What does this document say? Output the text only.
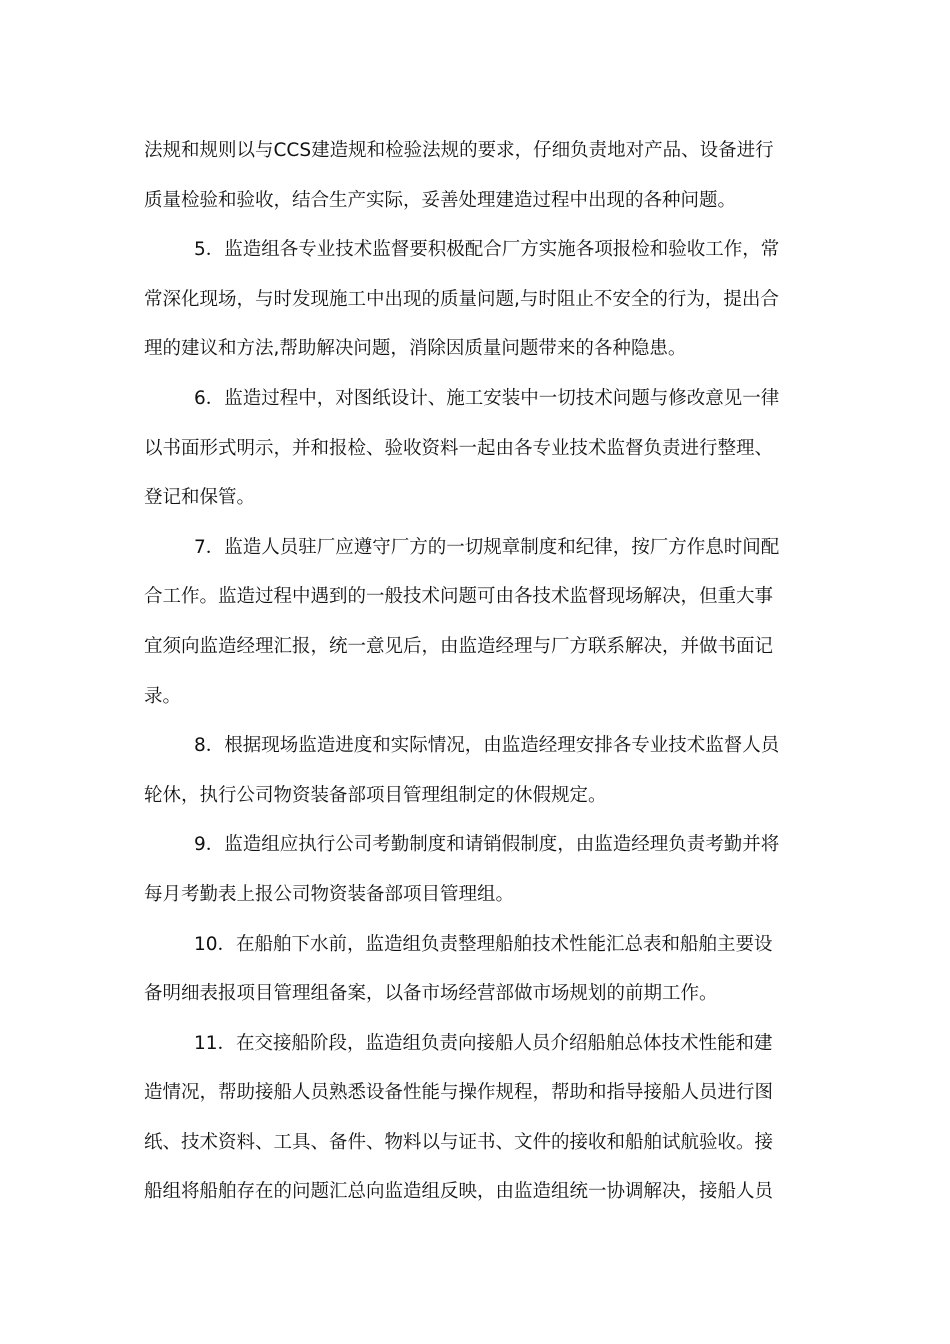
法规和规则以与CCS建造规和检验法规的要求，仔细负责地对产品、设备进行
质量检验和验收，结合生产实际，妥善处理建造过程中出现的各种问题。
5．监造组各专业技术监督要积极配合厂方实施各项报检和验收工作，常
常深化现场，与时发现施工中出现的质量问题,与时阻止不安全的行为，提出合
理的建议和方法,帮助解决问题，消除因质量问题带来的各种隐患。
6．监造过程中，对图纸设计、施工安装中一切技术问题与修改意见一律
以书面形式明示，并和报检、验收资料一起由各专业技术监督负责进行整理、
登记和保管。
7．监造人员驻厂应遵守厂方的一切规章制度和纪律，按厂方作息时间配
合工作。监造过程中遇到的一般技术问题可由各技术监督现场解决，但重大事
宜须向监造经理汇报，统一意见后，由监造经理与厂方联系解决，并做书面记
录。
8．根据现场监造进度和实际情况，由监造经理安排各专业技术监督人员
轮休，执行公司物资装备部项目管理组制定的休假规定。
9．监造组应执行公司考勤制度和请销假制度，由监造经理负责考勤并将
每月考勤表上报公司物资装备部项目管理组。
10．在船舶下水前，监造组负责整理船舶技术性能汇总表和船舶主要设
备明细表报项目管理组备案，以备市场经营部做市场规划的前期工作。
11．在交接船阶段，监造组负责向接船人员介绍船舶总体技术性能和建
造情况，帮助接船人员熟悉设备性能与操作规程，帮助和指导接船人员进行图
纸、技术资料、工具、备件、物料以与证书、文件的接收和船舶试航验收。接
船组将船舶存在的问题汇总向监造组反映，由监造组统一协调解决，接船人员
